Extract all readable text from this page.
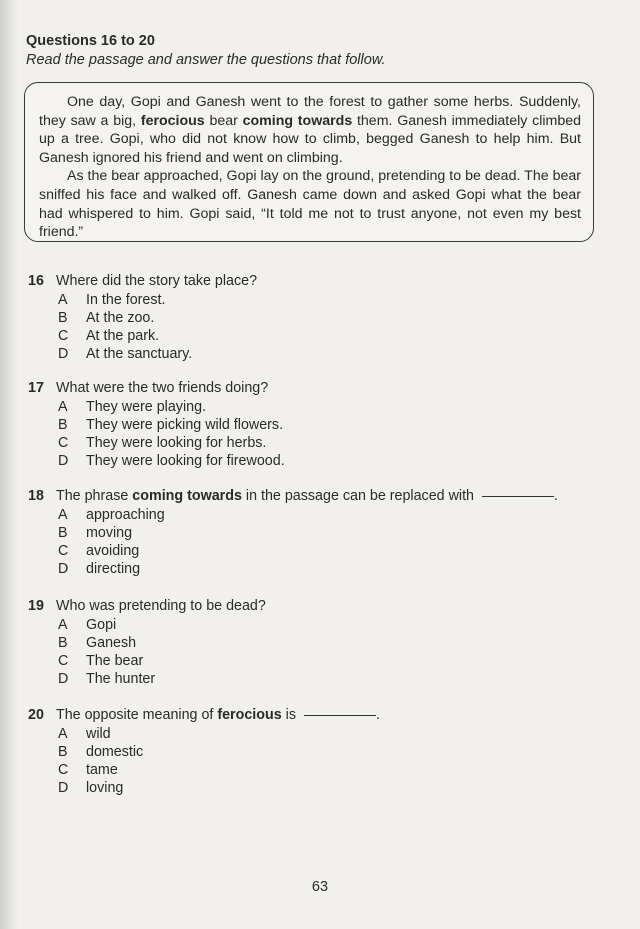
Questions 16 to 20
Read the passage and answer the questions that follow.

One day, Gopi and Ganesh went to the forest to gather some herbs. Suddenly, they saw a big, ferocious bear coming towards them. Ganesh immediately climbed up a tree. Gopi, who did not know how to climb, begged Ganesh to help him. But Ganesh ignored his friend and went on climbing.

As the bear approached, Gopi lay on the ground, pretending to be dead. The bear sniffed his face and walked off. Ganesh came down and asked Gopi what the bear had whispered to him. Gopi said, “It told me not to trust anyone, not even my best friend.”

16 Where did the story take place?
A	In the forest.
B	At the zoo.
C	At the park.
D	At the sanctuary.
17 What were the two friends doing?
A	They were playing.
B	They were picking wild flowers.
C	They were looking for herbs.
D	They were looking for firewood.
18 The phrase coming towards in the passage can be replaced with	.
A	approaching
B	moving
C	avoiding
D	directing
19 Who was pretending to be dead?
A	Gopi
B	Ganesh
C	The bear
D	The hunter
20 The opposite meaning of ferocious is	.
A	wild
B	domestic
C	tame
D	loving
63
